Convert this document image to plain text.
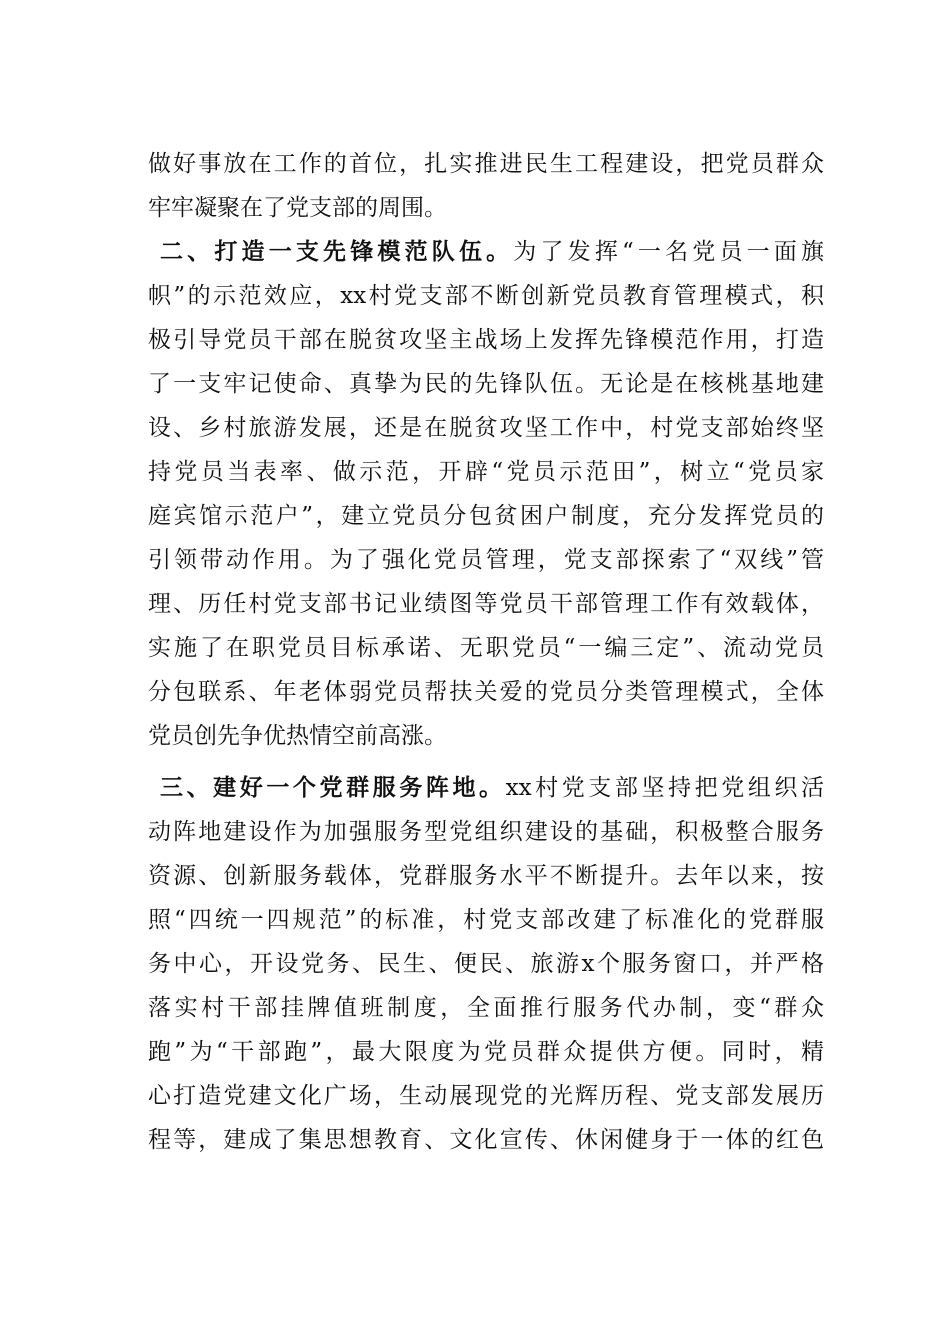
做好事放在工作的首位，扎实推进民生工程建设，把党员群众
牢牢凝聚在了党支部的周围。
二、打造一支先锋模范队伍。为了发挥“一名党员一面旗
帜”的示范效应，xx村党支部不断创新党员教育管理模式，积
极引导党员干部在脱贫攻坚主战场上发挥先锋模范作用，打造
了一支牢记使命、真挚为民的先锋队伍。无论是在核桃基地建
设、乡村旅游发展，还是在脱贫攻坚工作中，村党支部始终坚
持党员当表率、做示范，开辟“党员示范田”，树立“党员家
庭宾馆示范户”，建立党员分包贫困户制度，充分发挥党员的
引领带动作用。为了强化党员管理，党支部探索了“双线”管
理、历任村党支部书记业绩图等党员干部管理工作有效载体，
实施了在职党员目标承诺、无职党员“一编三定”、流动党员
分包联系、年老体弱党员帮扶关爱的党员分类管理模式，全体
党员创先争优热情空前高涨。
三、建好一个党群服务阵地。xx村党支部坚持把党组织活
动阵地建设作为加强服务型党组织建设的基础，积极整合服务
资源、创新服务载体，党群服务水平不断提升。去年以来，按
照“四统一四规范”的标准，村党支部改建了标准化的党群服
务中心，开设党务、民生、便民、旅游x个服务窗口，并严格
落实村干部挂牌值班制度，全面推行服务代办制，变“群众
跑”为“干部跑”，最大限度为党员群众提供方便。同时，精
心打造党建文化广场，生动展现党的光辉历程、党支部发展历
程等，建成了集思想教育、文化宣传、休闲健身于一体的红色
